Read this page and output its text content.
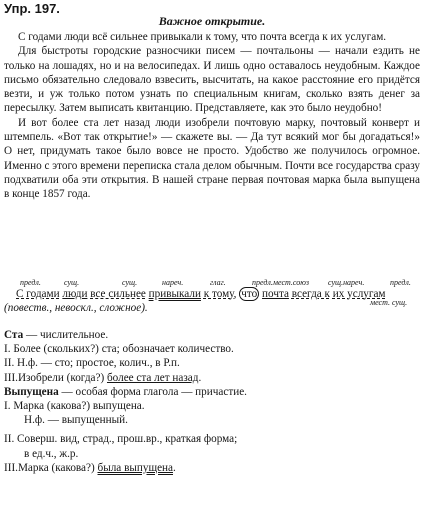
Упр. 197.
Важное открытие.

С годами люди всё сильнее привыкали к тому, что почта всегда к их услугам.

Для быстроты городские разносчики писем — почтальоны — начали ездить не только на лошадях, но и на велосипедах. И лишь одно оставалось неудобным. Каждое письмо обязательно следовало взвесить, высчитать, на какое расстояние его придётся везти, и уж только потом узнать по специальным книгам, сколько взять денег за пересылку. Затем выписать квитанцию. Представляете, как это было неудобно!

И вот более ста лет назад люди изобрели почтовую марку, почтовый конверт и штемпель. «Вот так открытие!» — скажете вы. — Да тут всякий мог бы догадаться!» О нет, придумать такое было вовсе не просто. Удобство же получилось огромное. Именно с этого времени переписка стала делом обычным. Почти все государства сразу подхватили оба эти открытия. В нашей стране первая почтовая марка была выпущена в конце 1857 года.

предл.	сущ.	сущ.	нареч.	глаг.	предл.мест.союз сущ.нареч.	предл.
С годами люди все сильнее привыкали к тому, что почта всегда к их услугам (повеств., невоскл., сложное).	мест. сущ.
Ста — числительное.
I. Более (скольких?) ста; обозначает количество.
II. Н.ф. — сто; простое, колич., в Р.п.
III.Изобрели (когда?) более ста лет назад.
Выпущена — особая форма глагола — причастие.
I. Марка (какова?) выпущена.
Н.ф. — выпущенный.
II. Соверш. вид, страд., прош.вр., краткая форма;
в ед.ч., ж.р.
III.Марка (какова?) была выпущена.
